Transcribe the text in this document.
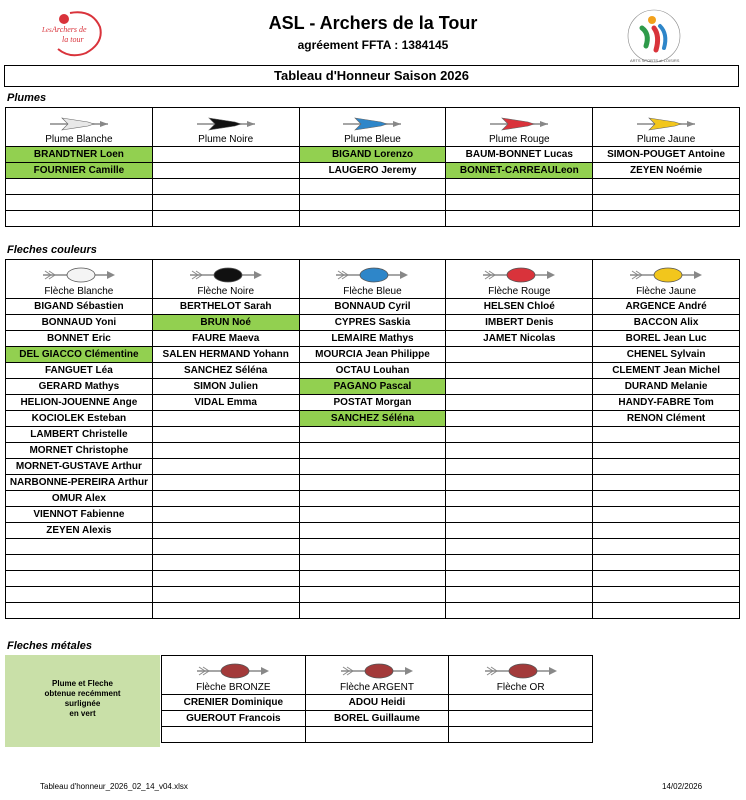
Les Archers de
la tour
ARTS SPORTS et LOISIRS
ASL - Archers de la Tour
agréement FFTA : 1384145
Tableau d'Honneur Saison 2026
Plumes
Plume Blanche	Plume Noire	Plume Bleue	Plume Rouge	Plume Jaune

BRANDTNER Loen		BIGAND Lorenzo	BAUM-BONNET Lucas	SIMON-POUGET Antoine
FOURNIER Camille		LAUGERO Jeremy	BONNET-CARREAULeon	ZEYEN Noémie

Fleches couleurs
Flèche Blanche	Flèche Noire	Flèche Bleue	Flèche Rouge	Flèche Jaune

BIGAND Sébastien	BERTHELOT Sarah	BONNAUD Cyril	HELSEN Chloé	ARGENCE André
BONNAUD Yoni	BRUN Noé	CYPRES Saskia	IMBERT Denis	BACCON Alix
BONNET Eric	FAURE Maeva	LEMAIRE Mathys	JAMET Nicolas	BOREL Jean Luc
DEL GIACCO Clémentine	SALEN HERMAND Yohann	MOURCIA Jean Philippe		CHENEL Sylvain
FANGUET Léa	SANCHEZ Séléna	OCTAU Louhan		CLEMENT Jean Michel
GERARD Mathys	SIMON Julien	PAGANO Pascal		DURAND Melanie
HELION-JOUENNE Ange	VIDAL Emma	POSTAT Morgan		HANDY-FABRE Tom
KOCIOLEK Esteban		SANCHEZ Séléna		RENON Clément
LAMBERT Christelle				
MORNET Christophe				
MORNET-GUSTAVE Arthur				
NARBONNE-PEREIRA Arthur				
OMUR Alex				
VIENNOT Fabienne				
ZEYEN Alexis				

Fleches métales
Plume et Fleche
obtenue recémment
surlignée
en vert
Flèche BRONZE	Flèche ARGENT	Flèche OR

CRENIER Dominique	ADOU Heidi	
GUEROUT Francois	BOREL Guillaume	

Tableau d'honneur_2026_02_14_v04.xlsx	14/02/2026
